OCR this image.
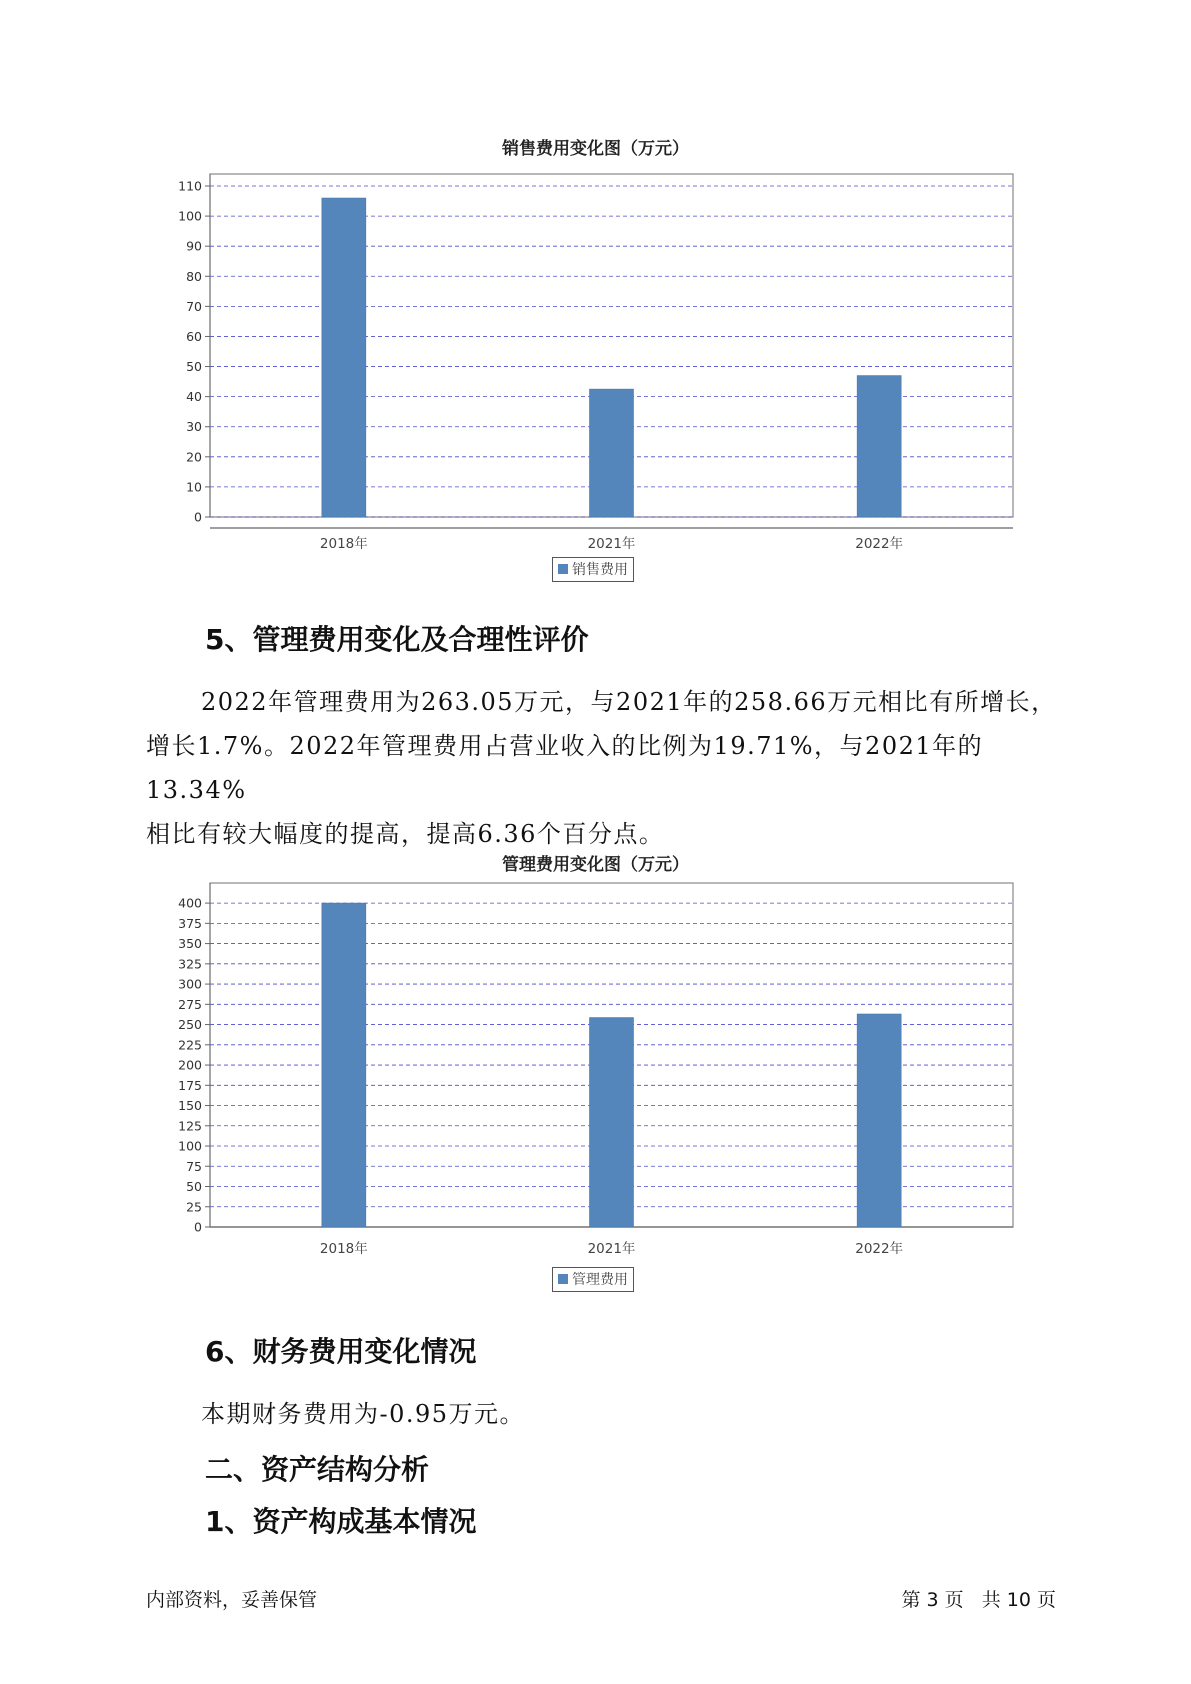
销售费用变化图（万元）
0
10
20
30
40
50
60
70
80
90
100
110
2018年	2021年	2022年
销售费用
5、管理费用变化及合理性评价

2022年管理费用为263.05万元，与2021年的258.66万元相比有所增长，

增长1.7%。2022年管理费用占营业收入的比例为19.71%，与2021年的13.34%

相比有较大幅度的提高，提高6.36个百分点。

管理费用变化图（万元）
0
25
50
75
100
125
150
175
200
225
250
275
300
325
350
375
400
2018年	2021年	2022年
管理费用
6、财务费用变化情况

本期财务费用为-0.95万元。

二、资产结构分析
1、资产构成基本情况
内部资料，妥善保管	第 3 页   共 10 页
